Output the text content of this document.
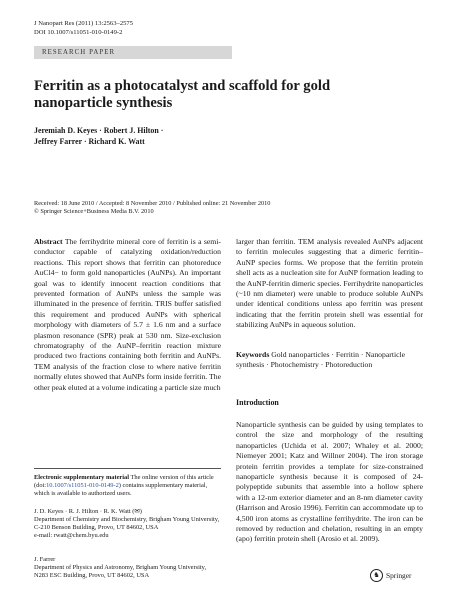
J Nanopart Res (2011) 13:2563–2575
DOI 10.1007/s11051-010-0149-2
RESEARCH PAPER
Ferritin as a photocatalyst and scaffold for gold nanoparticle synthesis
Jeremiah D. Keyes · Robert J. Hilton ·
Jeffrey Farrer · Richard K. Watt
Received: 18 June 2010 / Accepted: 8 November 2010 / Published online: 21 November 2010
© Springer Science+Business Media B.V. 2010
Abstract The ferrihydrite mineral core of ferritin is a semi-conductor capable of catalyzing oxidation/reduction reactions. This report shows that ferritin can photoreduce AuCl4− to form gold nanoparticles (AuNPs). An important goal was to identify innocent reaction conditions that prevented formation of AuNPs unless the sample was illuminated in the presence of ferritin. TRIS buffer satisfied this requirement and produced AuNPs with spherical morphology with diameters of 5.7 ± 1.6 nm and a surface plasmon resonance (SPR) peak at 530 nm. Size-exclusion chromatography of the AuNP–ferritin reaction mixture produced two fractions containing both ferritin and AuNPs. TEM analysis of the fraction close to where native ferritin normally elutes showed that AuNPs form inside ferritin. The other peak eluted at a volume indicating a particle size much
larger than ferritin. TEM analysis revealed AuNPs adjacent to ferritin molecules suggesting that a dimeric ferritin–AuNP species forms. We propose that the ferritin protein shell acts as a nucleation site for AuNP formation leading to the AuNP-ferritin dimeric species. Ferrihydrite nanoparticles (~10 nm diameter) were unable to produce soluble AuNPs under identical conditions unless apo ferritin was present indicating that the ferritin protein shell was essential for stabilizing AuNPs in aqueous solution.
Keywords Gold nanoparticles · Ferritin · Nanoparticle synthesis · Photochemistry · Photoreduction
Electronic supplementary material The online version of this article (doi:10.1007/s11051-010-0149-2) contains supplementary material, which is available to authorized users.
J. D. Keyes · R. J. Hilton · R. K. Watt (✉)
Department of Chemistry and Biochemistry, Brigham Young University, C-210 Benson Building, Provo, UT 84602, USA
e-mail: rwatt@chem.byu.edu
J. Farrer
Department of Physics and Astronomy, Brigham Young University, N283 ESC Building, Provo, UT 84602, USA
Introduction
Nanoparticle synthesis can be guided by using templates to control the size and morphology of the resulting nanoparticles (Uchida et al. 2007; Whaley et al. 2000; Niemeyer 2001; Katz and Willner 2004). The iron storage protein ferritin provides a template for size-constrained nanoparticle synthesis because it is composed of 24-polypeptide subunits that assemble into a hollow sphere with a 12-nm exterior diameter and an 8-nm diameter cavity (Harrison and Arosio 1996). Ferritin can accommodate up to 4,500 iron atoms as crystalline ferrihydrite. The iron can be removed by reduction and chelation, resulting in an empty (apo) ferritin protein shell (Arosio et al. 2009).
♞ Springer
